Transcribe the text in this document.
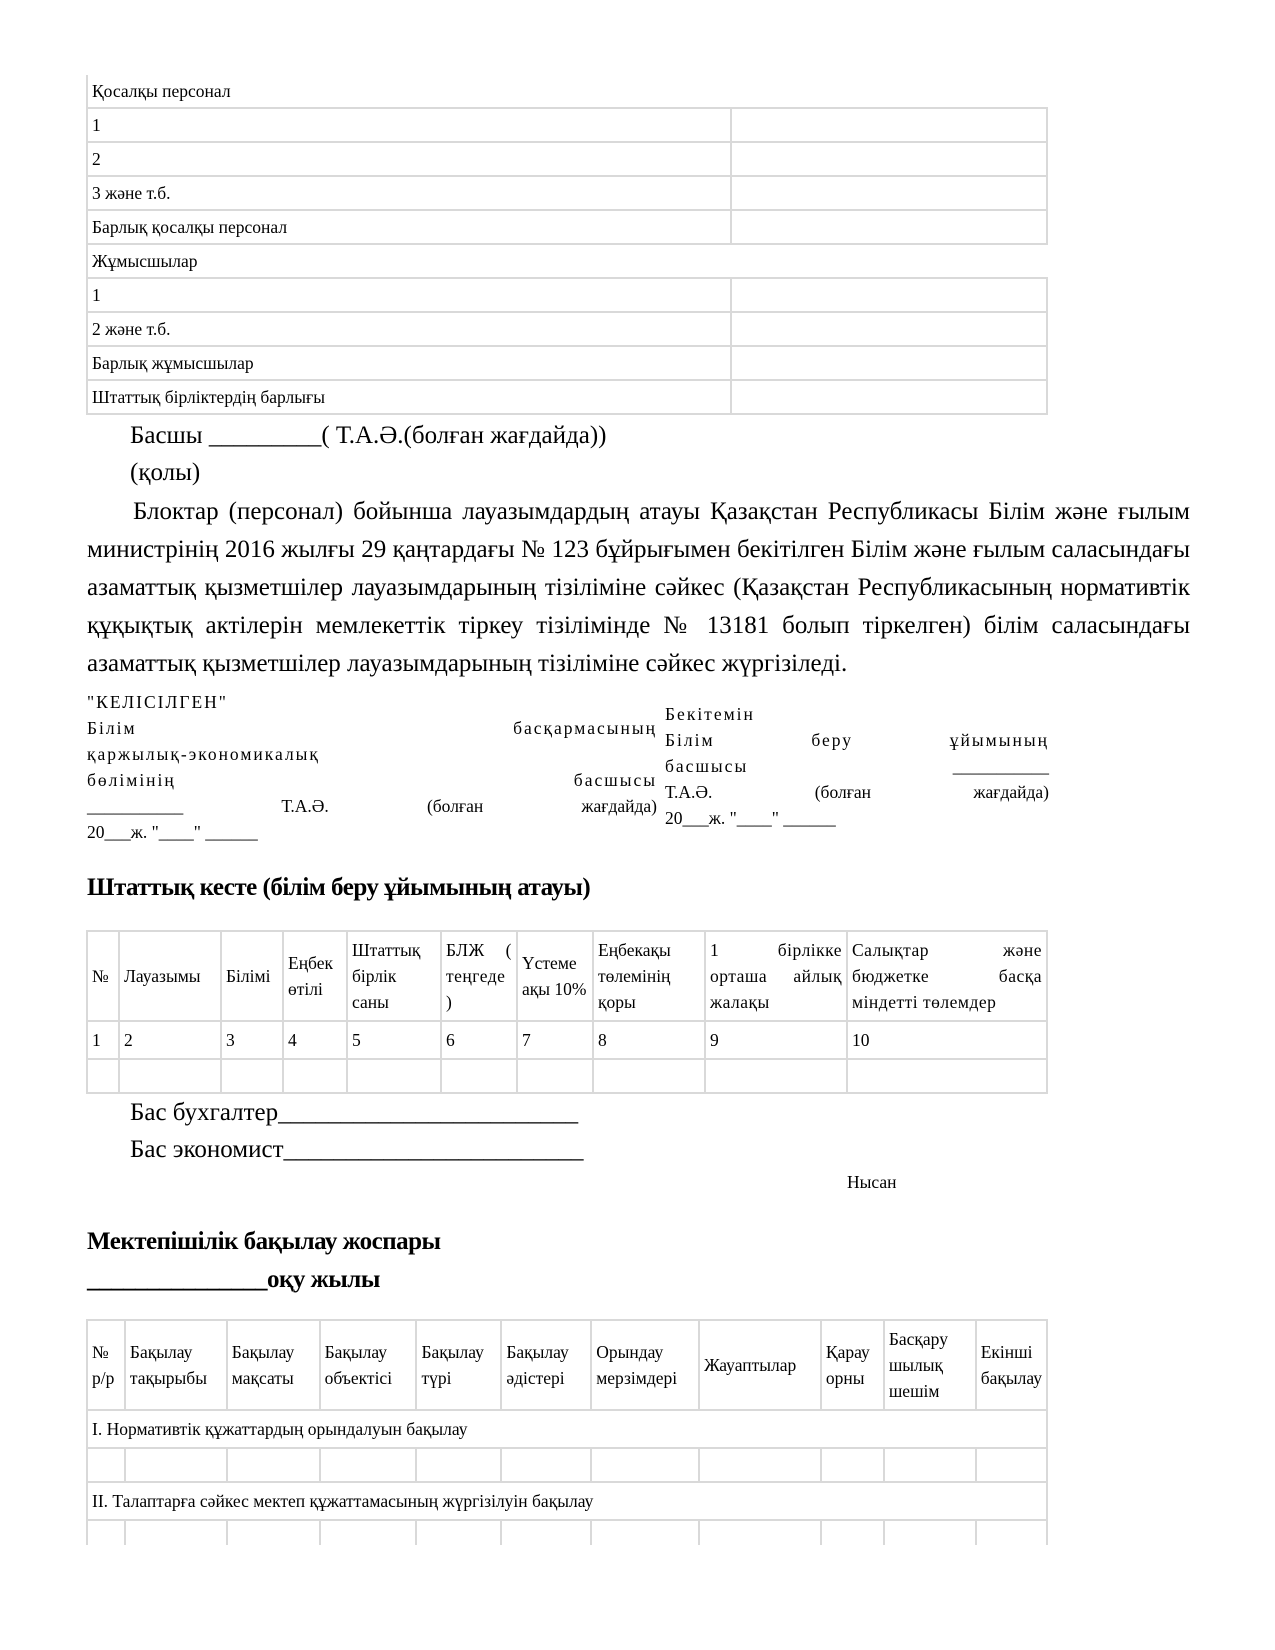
Қосалқы персонал	
1	
2	
3 және т.б.	
Барлық қосалқы персонал	
Жұмысшылар	
1	
2 және т.б.	
Барлық жұмысшылар	
Штаттық бірліктердің барлығы	
Басшы _________( Т.А.Ә.(болған жағдайда))
(қолы)

Блоктар (персонал) бойынша лауазымдардың атауы Қазақстан Республикасы Білім және ғылым министрінің 2016 жылғы 29 қаңтардағы № 123 бұйрығымен бекітілген Білім және ғылым саласындағы азаматтық қызметшілер лауазымдарының тізіліміне сәйкес (Қазақстан Республикасының нормативтік құқықтық актілерін мемлекеттік тіркеу тізілімінде № 13181 болып тіркелген) білім саласындағы азаматтық қызметшілер лауазымдарының тізіліміне сәйкес жүргізіледі.

"КЕЛІСІЛГЕН"
Білім	басқармасының
қаржылық-экономикалық
бөлімінің	басшысы
___________	Т.А.Ә.	(болған	жағдайда)
20___ж. "____" ______
Бекітемін
Білім	беру	ұйымының
басшысы	___________
Т.А.Ә.	(болған	жағдайда)
20___ж. "____" ______
Штаттық кесте (білім беру ұйымының атауы)
№	Лауазымы	Білімі	Еңбек өтілі	Штаттық бірлік саны	БЛЖ ( теңгеде )	Үстеме ақы 10%	Еңбекақы төлемінің қоры	1 бірлікке орташа айлық жалақы	Салықтар және бюджетке басқа міндетті төлемдер
1	2	3	4	5	6	7	8	9	10

Бас бухгалтер________________________
Бас экономист________________________
Нысан
Мектепішілік бақылау жоспары
_______________оқу жылы
№ р/р	Бақылау тақырыбы	Бақылау мақсаты	Бақылау объектісі	Бақылау түрі	Бақылау әдістері	Орындау мерзімдері	Жауаптылар	Қарау орны	Басқару шылық шешім	Екінші бақылау
I. Нормативтік құжаттардың орындалуын бақылау										

II. Талаптарға сәйкес мектеп құжаттамасының жүргізілуін бақылау										
